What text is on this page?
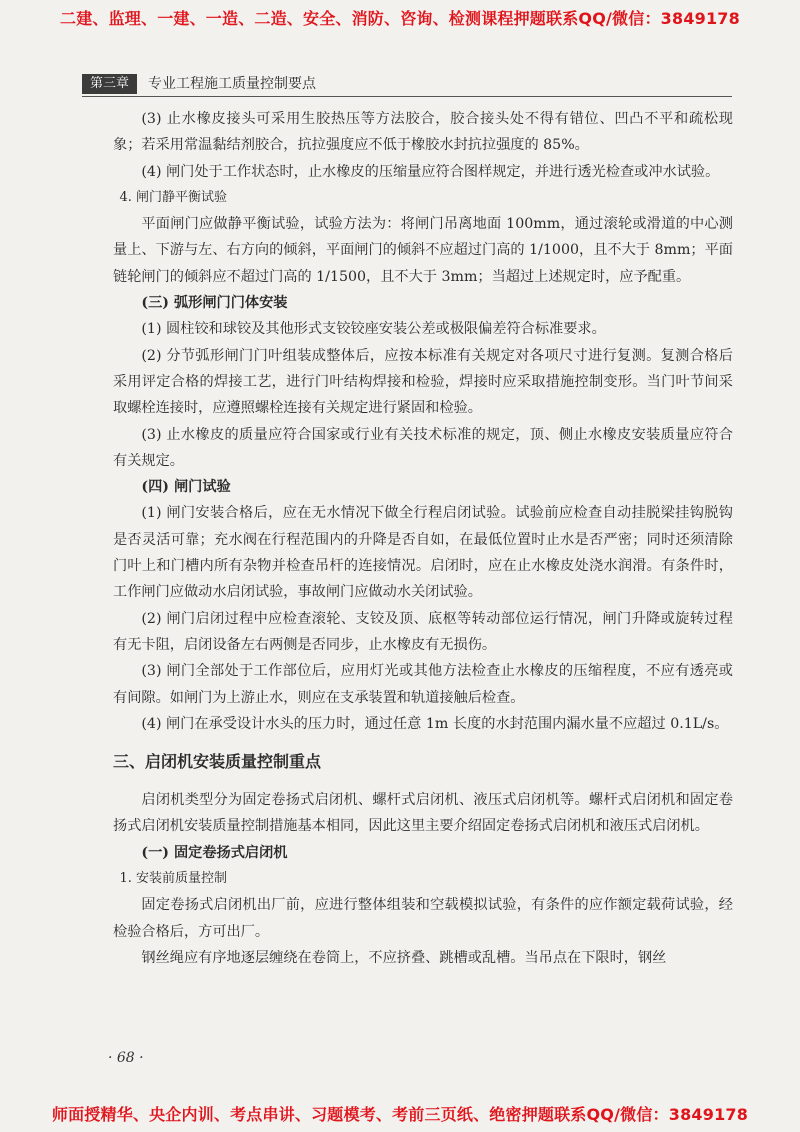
二建、监理、一建、一造、二造、安全、消防、咨询、检测课程押题联系QQ/微信：3849178
第三章	专业工程施工质量控制要点

(3) 止水橡皮接头可采用生胶热压等方法胶合，胶合接头处不得有错位、凹凸不平和疏松现象；若采用常温黏结剂胶合，抗拉强度应不低于橡胶水封抗拉强度的 85%。

(4) 闸门处于工作状态时，止水橡皮的压缩量应符合图样规定，并进行透光检查或冲水试验。

4. 闸门静平衡试验

平面闸门应做静平衡试验，试验方法为：将闸门吊离地面 100mm，通过滚轮或滑道的中心测量上、下游与左、右方向的倾斜，平面闸门的倾斜不应超过门高的 1/1000，且不大于 8mm；平面链轮闸门的倾斜应不超过门高的 1/1500，且不大于 3mm；当超过上述规定时，应予配重。

(三) 弧形闸门门体安装

(1) 圆柱铰和球铰及其他形式支铰铰座安装公差或极限偏差符合标准要求。

(2) 分节弧形闸门门叶组装成整体后，应按本标准有关规定对各项尺寸进行复测。复测合格后采用评定合格的焊接工艺，进行门叶结构焊接和检验，焊接时应采取措施控制变形。当门叶节间采取螺栓连接时，应遵照螺栓连接有关规定进行紧固和检验。

(3) 止水橡皮的质量应符合国家或行业有关技术标准的规定，顶、侧止水橡皮安装质量应符合有关规定。

(四) 闸门试验

(1) 闸门安装合格后，应在无水情况下做全行程启闭试验。试验前应检查自动挂脱梁挂钩脱钩是否灵活可靠；充水阀在行程范围内的升降是否自如，在最低位置时止水是否严密；同时还须清除门叶上和门槽内所有杂物并检查吊杆的连接情况。启闭时，应在止水橡皮处浇水润滑。有条件时，工作闸门应做动水启闭试验，事故闸门应做动水关闭试验。

(2) 闸门启闭过程中应检查滚轮、支铰及顶、底枢等转动部位运行情况，闸门升降或旋转过程有无卡阻，启闭设备左右两侧是否同步，止水橡皮有无损伤。

(3) 闸门全部处于工作部位后，应用灯光或其他方法检查止水橡皮的压缩程度，不应有透亮或有间隙。如闸门为上游止水，则应在支承装置和轨道接触后检查。

(4) 闸门在承受设计水头的压力时，通过任意 1m 长度的水封范围内漏水量不应超过 0.1L/s。

三、启闭机安装质量控制重点

启闭机类型分为固定卷扬式启闭机、螺杆式启闭机、液压式启闭机等。螺杆式启闭机和固定卷扬式启闭机安装质量控制措施基本相同，因此这里主要介绍固定卷扬式启闭机和液压式启闭机。

(一) 固定卷扬式启闭机

1. 安装前质量控制

固定卷扬式启闭机出厂前，应进行整体组装和空载模拟试验，有条件的应作额定载荷试验，经检验合格后，方可出厂。

钢丝绳应有序地逐层缠绕在卷筒上，不应挤叠、跳槽或乱槽。当吊点在下限时，钢丝

· 68 ·
师面授精华、央企内训、考点串讲、习题模考、考前三页纸、绝密押题联系QQ/微信：3849178
